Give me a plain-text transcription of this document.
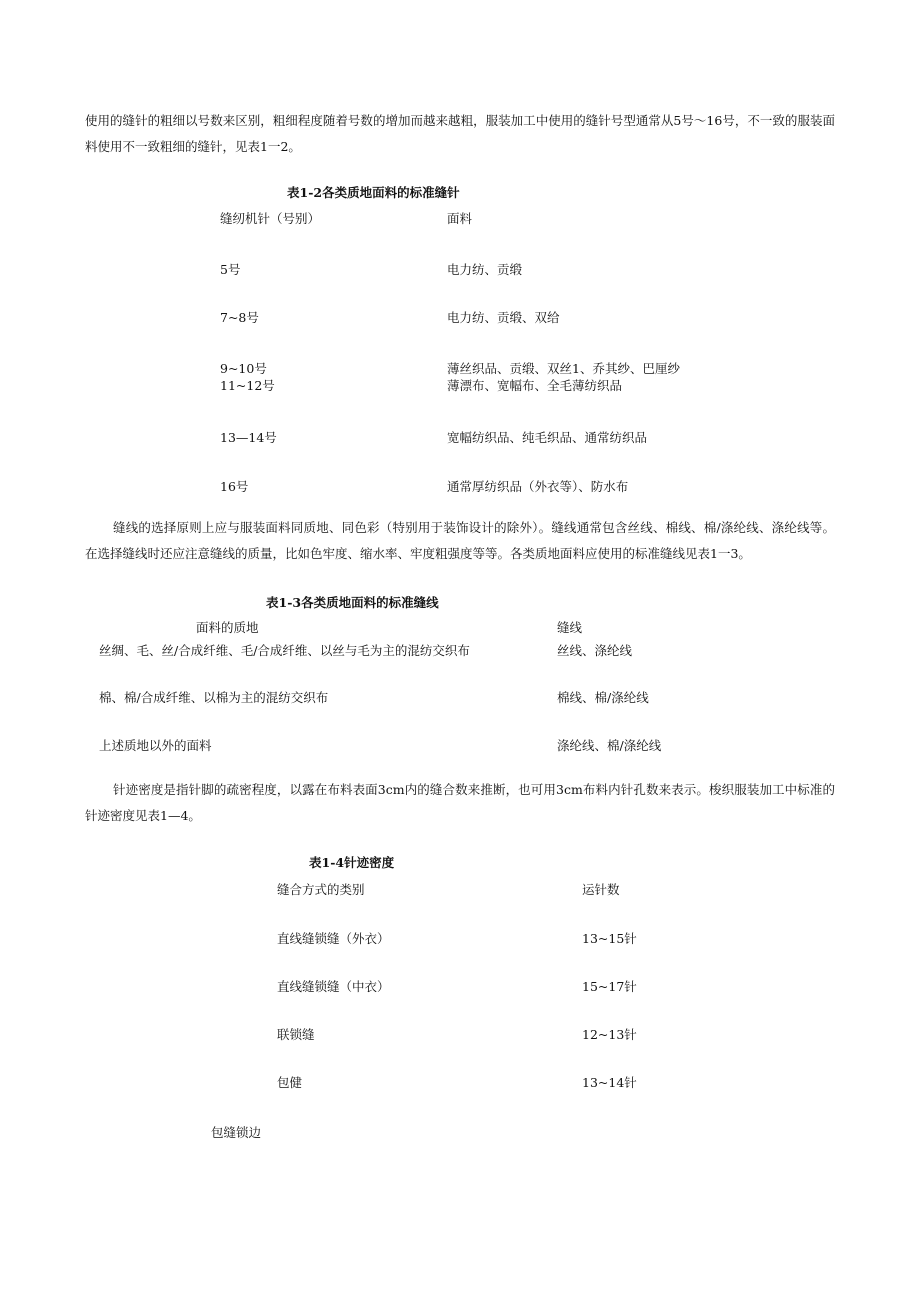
使用的缝针的粗细以号数来区别，粗细程度随着号数的增加而越来越粗，服装加工中使用的缝针号型通常从5号～16号，不一致的服装面料使用不一致粗细的缝针，见表1一2。
表1-2各类质地面料的标准缝针
缝纫机针（号别）	面料
5号	电力纺、贡缎
7~8号	电力纺、贡缎、双给
9~10号	薄丝织品、贡缎、双丝1、乔其纱、巴厘纱
11~12号	薄漂布、宽幅布、全毛薄纺织品
13—14号	宽幅纺织品、纯毛织品、通常纺织品
16号	通常厚纺织品（外衣等）、防水布
缝线的选择原则上应与服装面料同质地、同色彩（特别用于装饰设计的除外）。缝线通常包含丝线、棉线、棉/涤纶线、涤纶线等。在选择缝线时还应注意缝线的质量，比如色牢度、缩水率、牢度粗强度等等。各类质地面料应使用的标准缝线见表1一3。
表1-3各类质地面料的标准缝线
面料的质地	缝线
丝绸、毛、丝/合成纤维、毛/合成纤维、以丝与毛为主的混纺交织布	丝线、涤纶线
棉、棉/合成纤维、以棉为主的混纺交织布	棉线、棉/涤纶线
上述质地以外的面料	涤纶线、棉/涤纶线
针迹密度是指针脚的疏密程度，以露在布料表面3cm内的缝合数来推断，也可用3cm布料内针孔数来表示。梭织服装加工中标准的针迹密度见表1—4。
表1-4针迹密度
缝合方式的类别	运针数
直线缝锁缝（外衣）	13~15针
直线缝锁缝（中衣）	15~17针
联锁缝	12~13针
包健	13~14针
包缝锁边
